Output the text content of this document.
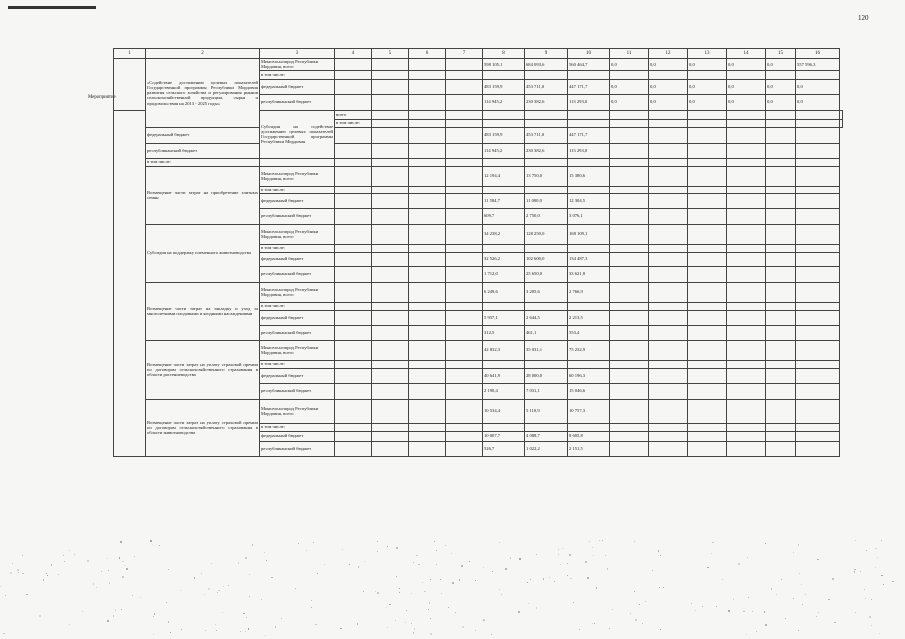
120
Мероприятие
1	2	3	4	5	6	7	8	9	10	11	12	13	14	15	16	
	«Содействие достижению целевых показателей Государственной программы Республики Мордовия развития сельского хозяйства и регулирования рынков сельскохозяйственной продукции, сырья и продовольствия на 2013 - 2025 годы»	Минсельхозпрод Республики Мордовия, всего					598 105,1	684 093,6	560 464,7	0,0	0,0	0,0	0,0	0,0	557 596,3	
		в том числе:														
		федеральный бюджет					483 159,9	453 711,0	447 171,7	0,0	0,0	0,0	0,0	0,0	0,0	
		республиканский бюджет					114 945,2	230 382,6	113 293,0	0,0	0,0	0,0	0,0	0,0	0,0	
		Субсидия на содействие достижению целевых показателей Государственной программы Республики Мордовия	всего													
			в том числе:													
	федеральный бюджет						483 159,9	453 711,0	447 171,7							
	республиканский бюджет						114 945,2	230 382,6	113 293,0							
	в том числе:															
	Возмещение части затрат на приобретение элитных семян	Минсельхозпрод Республики Мордовия, всего					12 194,4	13 750,0	15 380,6							
		в том числе:														
		федеральный бюджет					11 584,7	11 000,0	12 304,5							
		республиканский бюджет					609,7	2 750,0	3 076,1							
	Субсидия на поддержку племенного животноводства	Минсельхозпрод Республики Мордовия, всего					34 238,2	128 250,0	168 109,1							
		в том числе:														
		федеральный бюджет					32 526,2	102 600,0	134 487,3							
		республиканский бюджет					1 712,0	25 650,0	33 621,8							
	Возмещение части затрат на закладку и уход за многолетними плодовыми и ягодными насаждениями	Минсельхозпрод Республики Мордовия, всего					6 249,6	3 205,6	2 766,9							
		в том числе:														
		федеральный бюджет					5 937,1	2 644,5	2 213,5							
		республиканский бюджет					312,5	461,1	553,4							
	Возмещение части затрат на уплату страховой премии по договорам сельскохозяйственного страхования в области растениеводства	Минсельхозпрод Республики Мордовия, всего					42 832,3	35 031,1	75 232,9							
		в том числе:														
		федеральный бюджет					40 641,9	28 000,0	60 196,3							
		республиканский бюджет					2 190,4	7 031,1	15 046,6							
	Возмещение части затрат на уплату страховой премии по договорам сельскохозяйственного страхования в области животноводства	Минсельхозпрод Республики Мордовия, всего					10 534,4	5 110,9	10 757,3							
		в том числе:														
		федеральный бюджет					10 007,7	4 088,7	8 605,8							
		республиканский бюджет					526,7	1 022,2	2 151,5							
